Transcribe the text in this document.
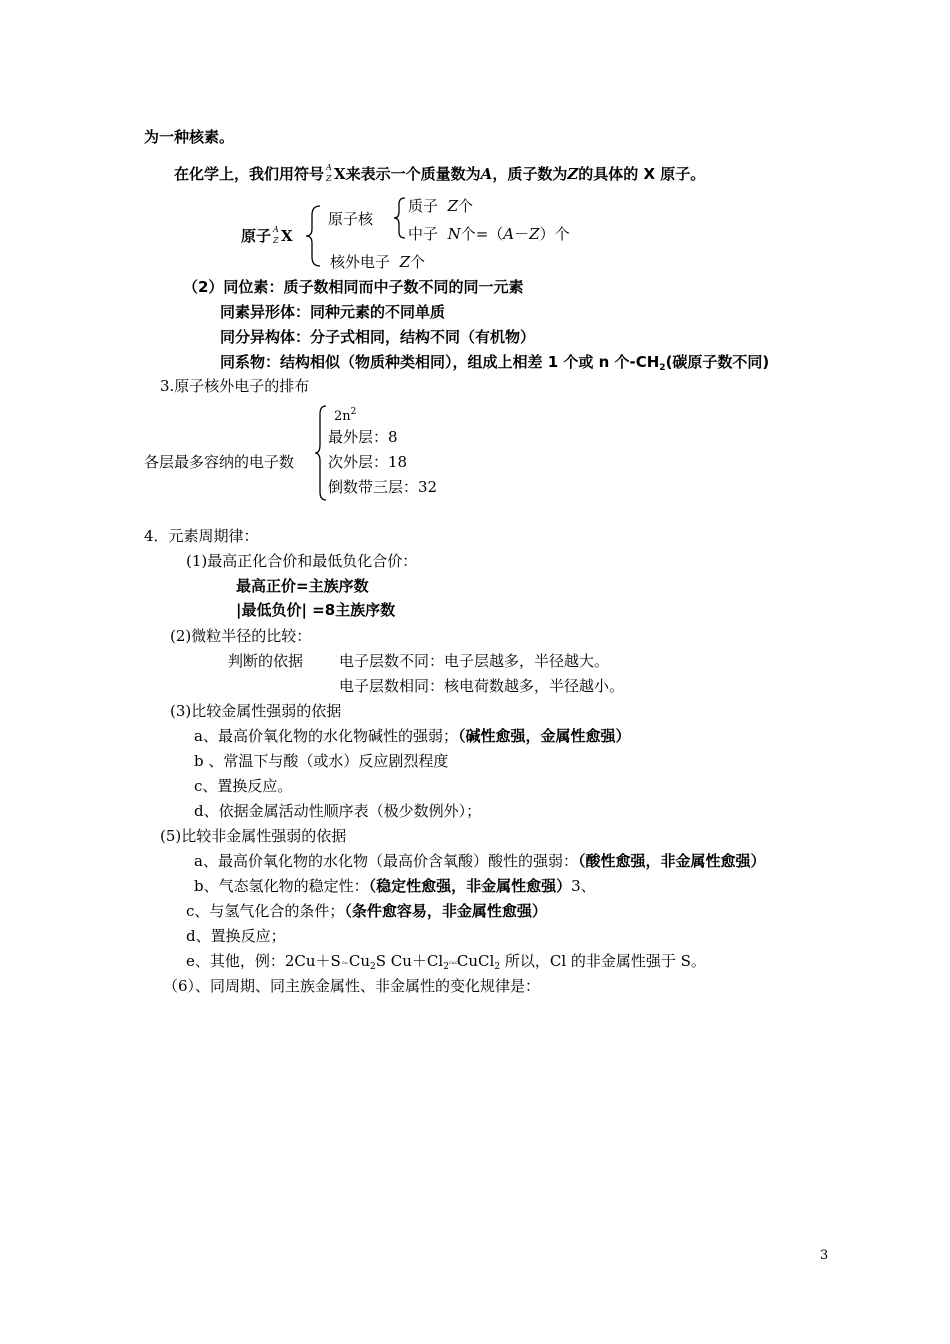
为一种核素。
在化学上，我们用符号 A
Z X来表示一个质量数为A，质子数为Z的具体的 X 原子。
原子 A
Z X
原子核
质子 Z个
中子 N个=（A－Z）个
核外电子 Z个
（2）同位素：质子数相同而中子数不同的同一元素
同素异形体：同种元素的不同单质
同分异构体：分子式相同，结构不同（有机物）
同系物：结构相似（物质种类相同），组成上相差 1 个或 n 个$-CH_2$(碳原子数不同)
3.原子核外电子的排布
各层最多容纳的电子数
$2n^2$
最外层：8
次外层：18
倒数带三层：32
4．元素周期律：
(1)最高正化合价和最低负化合价：
最高正价=主族序数
|最低负价| =8主族序数
(2)微粒半径的比较：
判断的依据 电子层数不同：电子层越多，半径越大。
电子层数相同：核电荷数越多，半径越小。
(3)比较金属性强弱的依据
a、最高价氧化物的水化物碱性的强弱；（碱性愈强，金属性愈强）
b 、常温下与酸（或水）反应剧烈程度
c、置换反应。
d、依据金属活动性顺序表（极少数例外）；
(5)比较非金属性强弱的依据
a、最高价氧化物的水化物（最高价含氧酸）酸性的强弱：（酸性愈强，非金属性愈强）
b、气态氢化物的稳定性：（稳定性愈强，非金属性愈强）3、
c、与氢气化合的条件；（条件愈容易，非金属性愈强）
d、置换反应；
e、其他，例：2Cu＋SCuCu$_2$S $Cu+Cl_2CuClCuCl_2$ 所以，Cl 的非金属性强于 S。
（6）、同周期、同主族金属性、非金属性的变化规律是：
3
